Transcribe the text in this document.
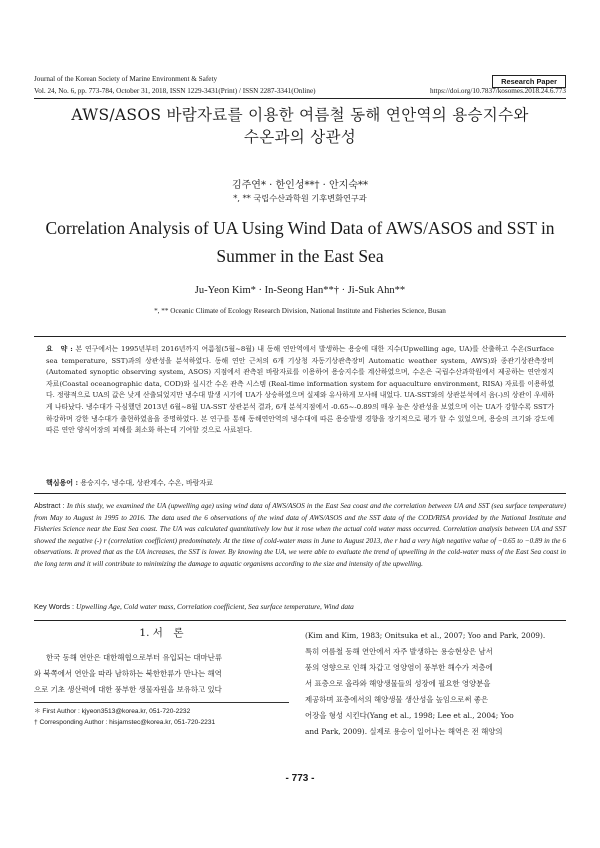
Journal of the Korean Society of Marine Environment & Safety	Research Paper
Vol. 24, No. 6, pp. 773-784, October 31, 2018, ISSN 1229-3431(Print) / ISSN 2287-3341(Online)	https://doi.org/10.7837/kosomes.2018.24.6.773
AWS/ASOS 바람자료를 이용한 여름철 동해 연안역의 용승지수와
수온과의 상관성
김주연* · 한인성**† · 안지숙**
*, ** 국립수산과학원 기후변화연구과
Correlation Analysis of UA Using Wind Data of AWS/ASOS and SST in
Summer in the East Sea
Ju-Yeon Kim* · In-Seong Han**† · Ji-Suk Ahn**
*, ** Oceanic Climate of Ecology Research Division, National Institute and Fisheries Science, Busan
요　약 : 본 연구에서는 1995년부터 2016년까지 여름철(5월~8월) 내 동해 연안역에서 발생하는 용승에 대한 지수(Upwelling age, UA)를 산출하고 수온(Surface sea temperature, SST)과의 상관성을 분석하였다. 동해 연안 근처의 6개 기상청 자동기상관측장비 Automatic weather system, AWS)와 종관기상관측장비(Automated synoptic observing system, ASOS) 지점에서 관측된 바람자료를 이용하여 용승지수를 계산하였으며, 수온은 국립수산과학원에서 제공하는 연안정지 자료(Coastal oceanographic data, COD)와 실시간 수온 관측 시스템 (Real-time information system for aquaculture environment, RISA) 자료를 이용하였다. 정량적으로 UA의 값은 낮게 산출되었지만 냉수대 발생 시기에 UA가 상승하였으며 실제와 유사하게 모사해 내었다. UA-SST와의 상관분석에서 음(-)의 상관이 우세하게 나타났다. 냉수대가 극심했던 2013년 6월~8월 UA-SST 상관분석 결과, 6개 분석지점에서 -0.65~-0.89의 매우 높은 상관성을 보였으며 이는 UA가 강할수록 SST가 하강하며 강한 냉수대가 출현하였음을 증명하였다. 본 연구를 통해 동해연안역의 냉수대에 따른 용승발생 경향을 장기적으로 평가 할 수 있었으며, 용승의 크기와 강도에 따른 연안 양식어장의 피해를 최소화 하는데 기여할 것으로 사료된다.
핵심용어 : 용승지수, 냉수대, 상관계수, 수온, 바람자료
Abstract : In this study, we examined the UA (upwelling age) using wind data of AWS/ASOS in the East Sea coast and the correlation between UA and SST (sea surface temperature) from May to August in 1995 to 2016. The data used the 6 observations of the wind data of AWS/ASOS and the SST data of the COD/RISA provided by the National Institute and Fisheries Science near the East Sea coast. The UA was calculated quantitatively low but it rose when the actual cold water mass occurred. Correlation analysis between UA and SST showed the negative (-) r (correlation coefficient) predominately. At the time of cold-water mass in June to August 2013, the r had a very high negative value of −0.65 to −0.89 in the 6 observations. It proved that as the UA increases, the SST is lower. By knowing the UA, we were able to evaluate the trend of upwelling in the cold-water mass of the East Sea coast in the long term and it will contribute to minimizing the damage to aquatic organisms according to the size and intensity of the upwelling.
Key Words : Upwelling Age, Cold water mass, Correlation coefficient, Sea surface temperature, Wind data
1. 서　론
한국 동해 연안은 대한해협으로부터 유입되는 대마난류
와 북쪽에서 연안을 따라 남하하는 북한한류가 만나는 해역
으로 기초 생산력에 대한 풍부한 생물자원을 보유하고 있다
(Kim and Kim, 1983; Onitsuka et al., 2007; Yoo and Park, 2009).
특히 여름철 동해 연안에서 자주 발생하는 용승현상은 남서
풍의 영향으로 인해 차갑고 영양염이 풍부한 해수가 저층에
서 표층으로 올라와 해양생물들의 성장에 필요한 영양분을
제공하며 표층에서의 해양생물 생산성을 높임으로써 좋은
어장을 형성 시킨다(Yang et al., 1998; Lee et al., 2004; Yoo
and Park, 2009). 실제로 용승이 일어나는 해역은 전 해양의
＊ First Author : kjyeon3513@korea.kr, 051-720-2232
† Corresponding Author : hisjamstec@korea.kr, 051-720-2231
- 773 -
